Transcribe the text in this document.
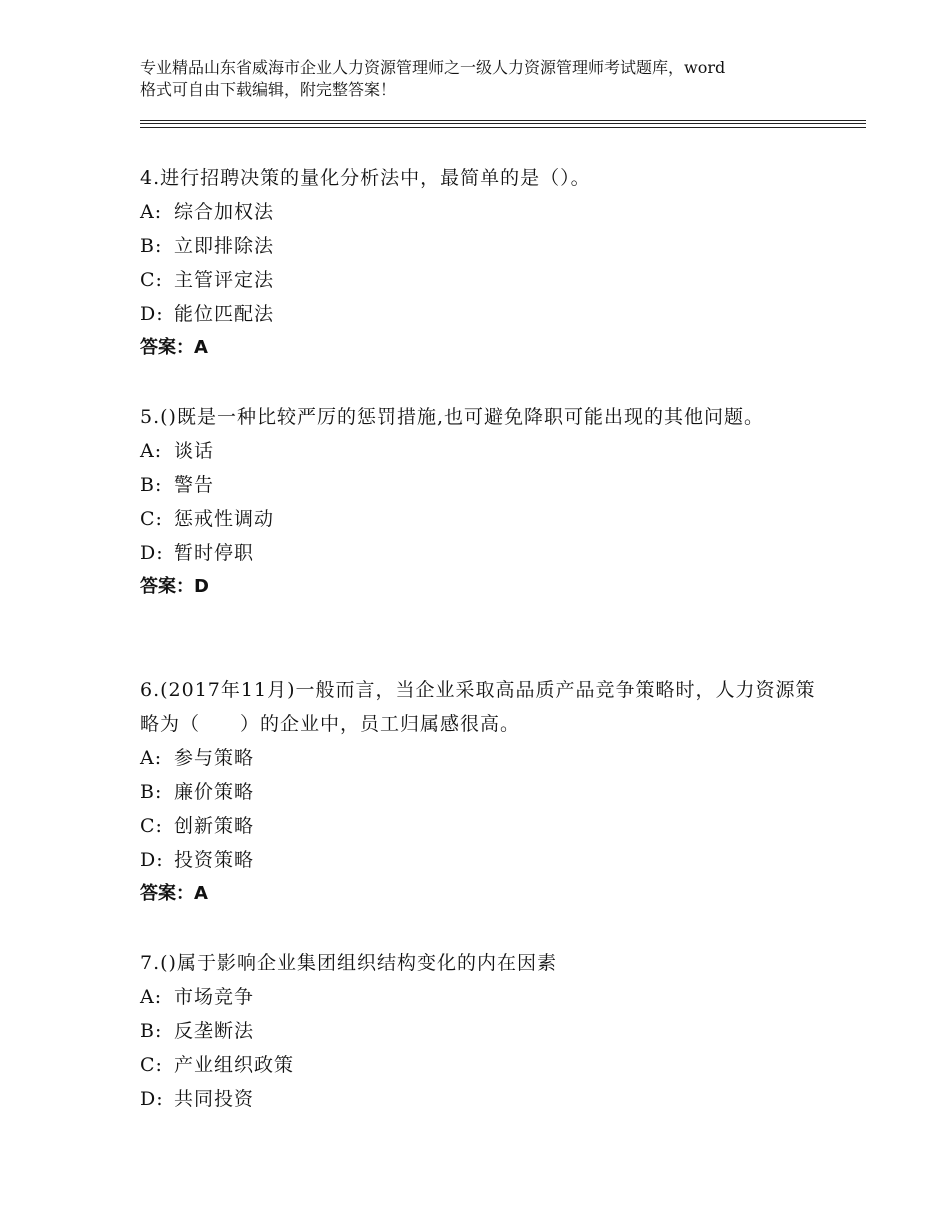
专业精品山东省威海市企业人力资源管理师之一级人力资源管理师考试题库，word
格式可自由下载编辑，附完整答案！
4.进行招聘决策的量化分析法中，最简单的是（）。
A: 综合加权法
B: 立即排除法
C: 主管评定法
D: 能位匹配法
答案：A
5.()既是一种比较严厉的惩罚措施,也可避免降职可能出现的其他问题。
A: 谈话
B: 警告
C: 惩戒性调动
D: 暂时停职
答案：D
6.(2017年11月)一般而言，当企业采取高品质产品竞争策略时，人力资源策略为（　　）的企业中，员工归属感很高。
A: 参与策略
B: 廉价策略
C: 创新策略
D: 投资策略
答案：A
7.()属于影响企业集团组织结构变化的内在因素
A: 市场竞争
B: 反垄断法
C: 产业组织政策
D: 共同投资
